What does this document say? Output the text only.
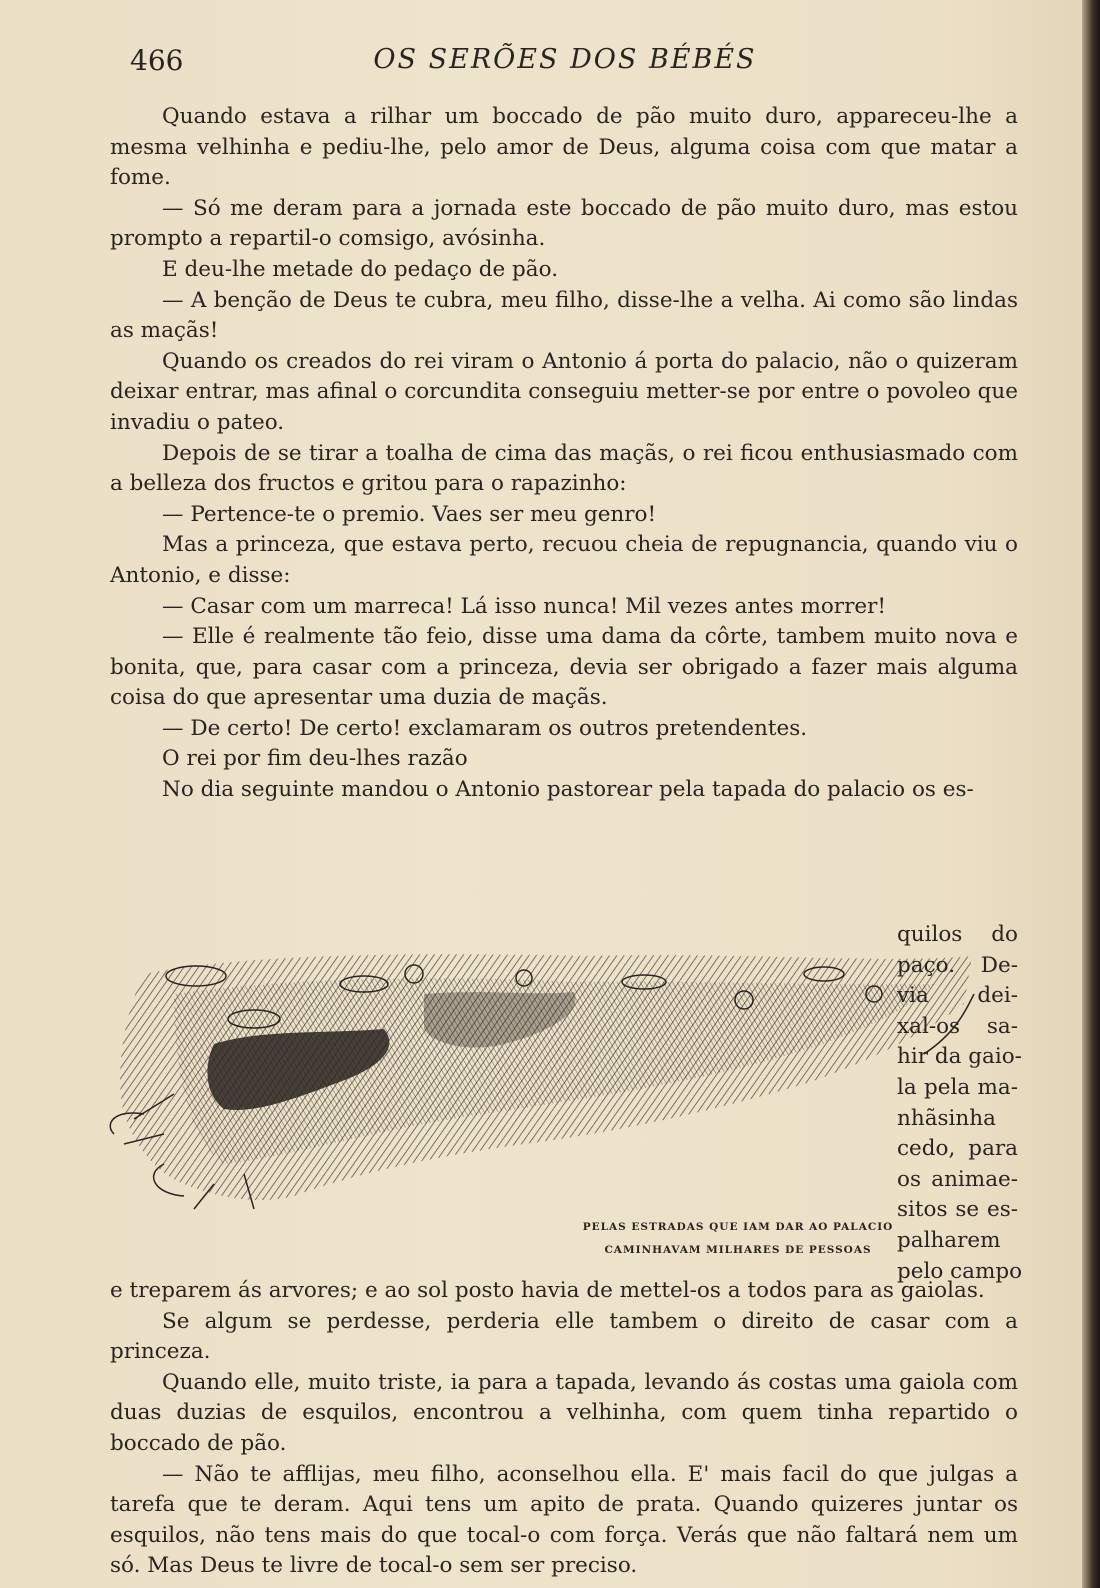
466	OS SERÕES DOS BÉBÉS

Quando estava a rilhar um boccado de pão muito duro, appareceu-lhe a mesma velhinha e pediu-lhe, pelo amor de Deus, alguma coisa com que matar a fome.

— Só me deram para a jornada este boccado de pão muito duro, mas estou prompto a repartil-o comsigo, avósinha.

E deu-lhe metade do pedaço de pão.

— A benção de Deus te cubra, meu filho, disse-lhe a velha. Ai como são lindas as maçãs!

Quando os creados do rei viram o Antonio á porta do palacio, não o quizeram deixar entrar, mas afinal o corcundita conseguiu metter-se por entre o povoleo que invadiu o pateo.

Depois de se tirar a toalha de cima das maçãs, o rei ficou enthusiasmado com a belleza dos fructos e gritou para o rapazinho:

— Pertence-te o premio. Vaes ser meu genro!

Mas a princeza, que estava perto, recuou cheia de repugnancia, quando viu o Antonio, e disse:

— Casar com um marreca! Lá isso nunca! Mil vezes antes morrer!

— Elle é realmente tão feio, disse uma dama da côrte, tambem muito nova e bonita, que, para casar com a princeza, devia ser obrigado a fazer mais alguma coisa do que apresentar uma duzia de maçãs.

— De certo! De certo! exclamaram os outros pretendentes.

O rei por fim deu-lhes razão

No dia seguinte mandou o Antonio pastorear pela tapada do palacio os es-

PELAS ESTRADAS QUE IAM DAR AO PALACIO
CAMINHAVAM MILHARES DE PESSOAS
quilos do
paço. De-
via dei-
xal-os sa-
hir da gaio-
la pela ma-
nhãsinha
cedo, para
os animae-
sitos se es-
palharem
pelo campo

e treparem ás arvores; e ao sol posto havia de mettel-os a todos para as gaiolas.

Se algum se perdesse, perderia elle tambem o direito de casar com a princeza.

Quando elle, muito triste, ia para a tapada, levando ás costas uma gaiola com duas duzias de esquilos, encontrou a velhinha, com quem tinha repartido o boccado de pão.

— Não te afflijas, meu filho, aconselhou ella. E' mais facil do que julgas a tarefa que te deram. Aqui tens um apito de prata. Quando quizeres juntar os esquilos, não tens mais do que tocal-o com força. Verás que não faltará nem um só. Mas Deus te livre de tocal-o sem ser preciso.
